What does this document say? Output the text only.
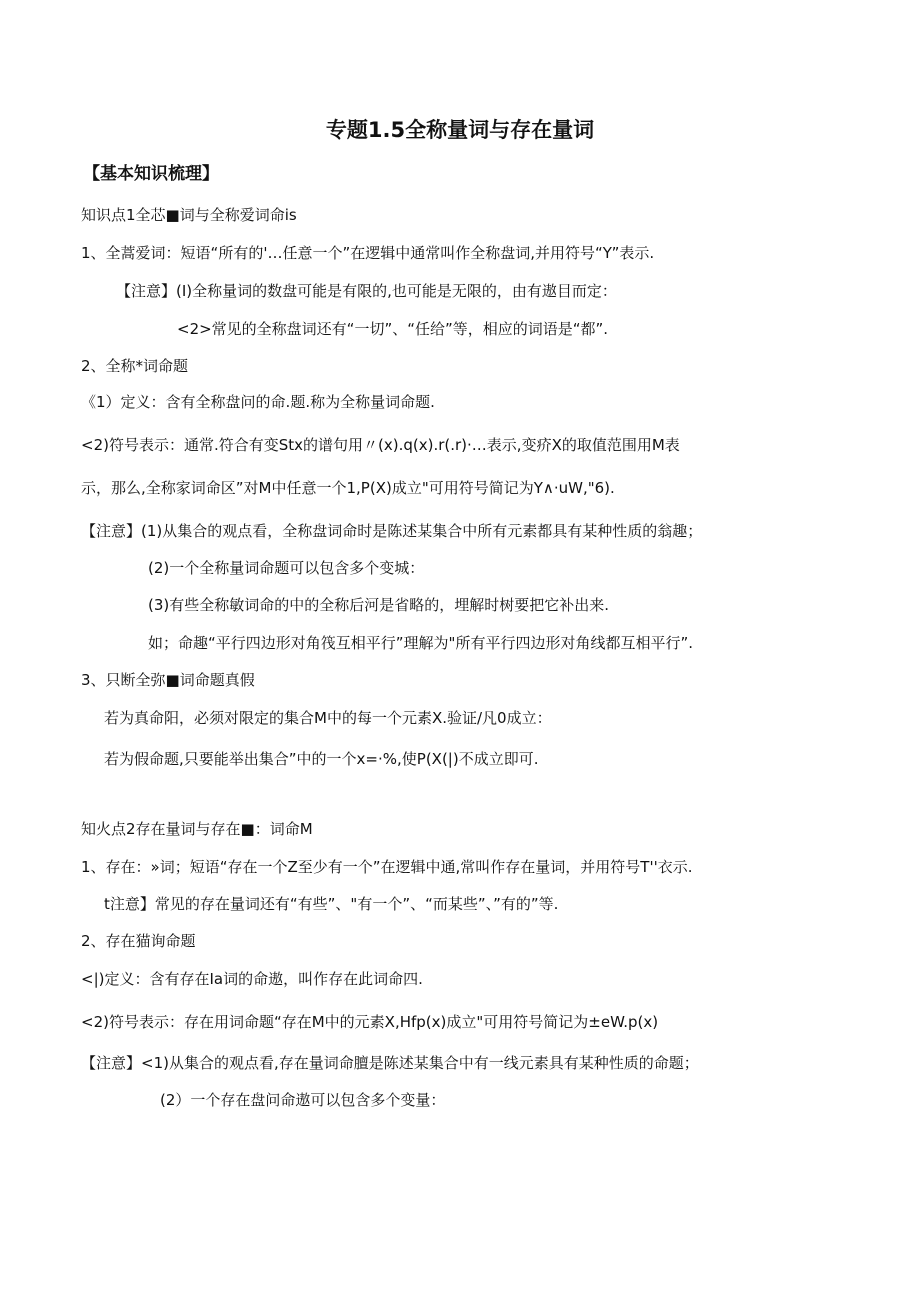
专题1.5全称量词与存在量词
【基本知识梳理】
知识点1全芯■词与全称爱词命is
1、全蒿爱词：短语“所有的'…任意一个”在逻辑中通常叫作全称盘词,并用符号“Y”表示.
【注意】(I)全称量词的数盘可能是有限的,也可能是无限的，由有遨目而定：
<2>常见的全称盘词还有“一切”、“任给”等，相应的词语是“都”.
2、全称*词命题
《1）定义：含有全称盘问的命.题.称为全称量词命题.
<2)符号表示：通常.符合有变Stx的谱句用〃(x).q(x).r(.r)·…表示,变疥X的取值范围用M表
示，那么,全称家词命区”对M中任意一个1,P(X)成立"可用符号简记为Y∧·uW,"6).
【注意】(1)从集合的观点看，全称盘词命时是陈述某集合中所有元素都具有某种性质的翁趣；
(2)一个全称量词命题可以包含多个变城：
(3)有些全称敏词命的中的全称后河是省略的，埋解时树要把它补出来.
如；命趣“平行四边形对角筏互相平行”理解为"所有平行四边形对角线都互相平行”.
3、只断全弥■词命题真假
若为真命阳，必须对限定的集合M中的每一个元素X.验证/凡0成立：
若为假命题,只要能举出集合”中的一个x=·%,使P(X(|)不成立即可.
知火点2存在量词与存在■：词命M
1、存在：»词；短语“存在一个Z至少有一个”在逻辑中通,常叫作存在量词，并用符号T''衣示.
t注意】常见的存在量词还有“有些”、"有一个”、“而某些”、”有的”等.
2、存在猫询命题
<|)定义：含有存在Ia词的命遨，叫作存在此词命四.
<2)符号表示：存在用词命题“存在M中的元素X,Hfp(x)成立"可用符号简记为±eW.p(x)
【注意】<1)从集合的观点看,存在量词命膻是陈述某集合中有一线元素具有某种性质的命题；
(2）一个存在盘问命遨可以包含多个变量：
